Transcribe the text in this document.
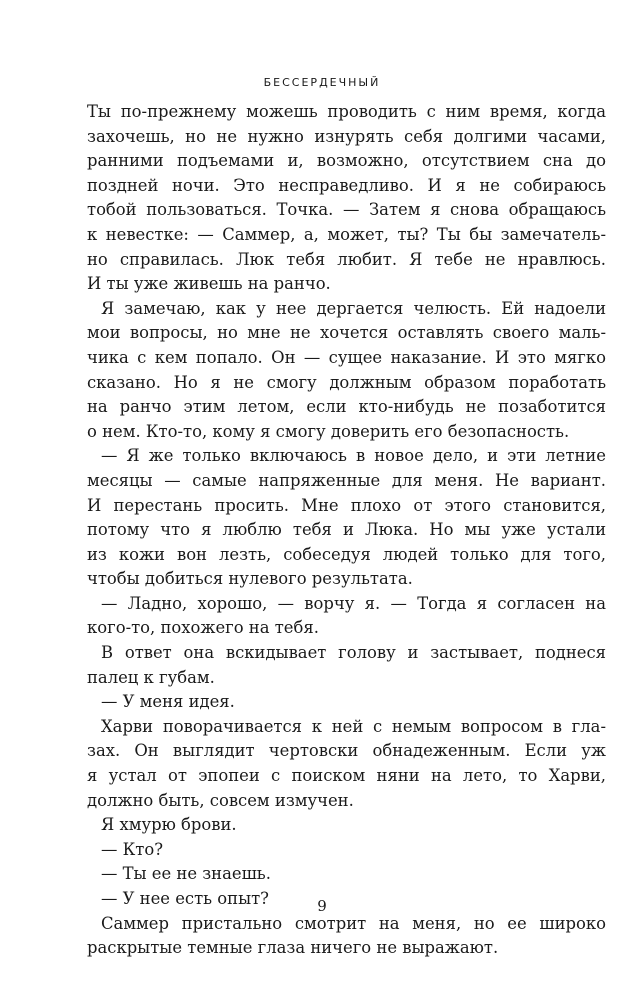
БЕССЕРДЕЧНЫЙ
Ты по-прежнему можешь проводить с ним время, когда
захочешь, но не нужно изнурять себя долгими часами,
ранними подъемами и, возможно, отсутствием сна до
поздней ночи. Это несправедливо. И я не собираюсь
тобой пользоваться. Точка. — Затем я снова обращаюсь
к невестке: — Саммер, а, может, ты? Ты бы замечатель-
но справилась. Люк тебя любит. Я тебе не нравлюсь.
И ты уже живешь на ранчо.
Я замечаю, как у нее дергается челюсть. Ей надоели
мои вопросы, но мне не хочется оставлять своего маль-
чика с кем попало. Он — сущее наказание. И это мягко
сказано. Но я не смогу должным образом поработать
на ранчо этим летом, если кто-нибудь не позаботится
о нем. Кто-то, кому я смогу доверить его безопасность.
— Я же только включаюсь в новое дело, и эти летние
месяцы — самые напряженные для меня. Не вариант.
И перестань просить. Мне плохо от этого становится,
потому что я люблю тебя и Люка. Но мы уже устали
из кожи вон лезть, собеседуя людей только для того,
чтобы добиться нулевого результата.
— Ладно, хорошо, — ворчу я. — Тогда я согласен на
кого-то, похожего на тебя.
В ответ она вскидывает голову и застывает, поднеся
палец к губам.
— У меня идея.
Харви поворачивается к ней с немым вопросом в гла-
зах. Он выглядит чертовски обнадеженным. Если уж
я устал от эпопеи с поиском няни на лето, то Харви,
должно быть, совсем измучен.
Я хмурю брови.
— Кто?
— Ты ее не знаешь.
— У нее есть опыт?
Саммер пристально смотрит на меня, но ее широко
раскрытые темные глаза ничего не выражают.
9
